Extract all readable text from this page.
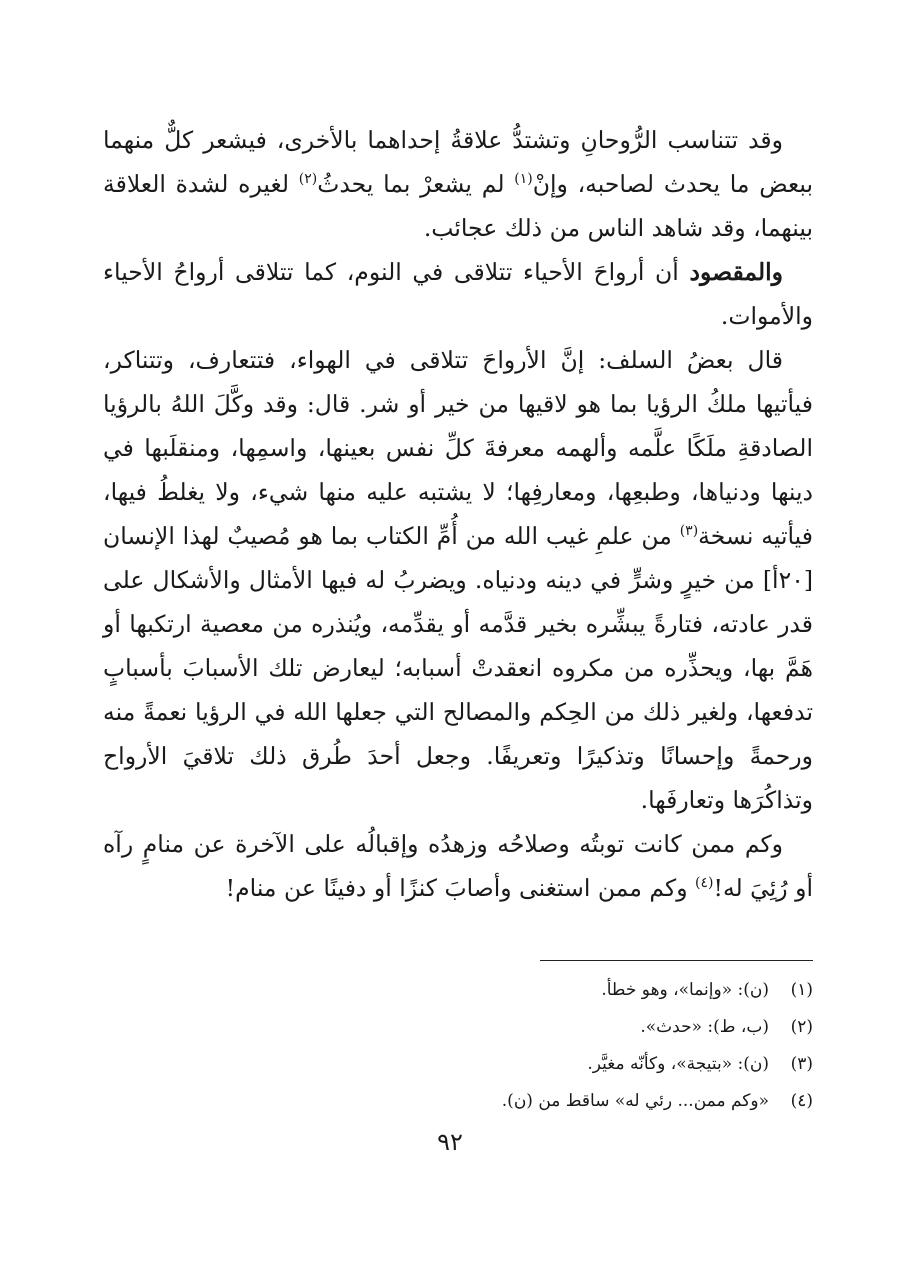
وقد تتناسب الرُّوحانِ وتشتدُّ علاقةُ إحداهما بالأخرى، فيشعر كلٌّ منهما ببعض ما يحدث لصاحبه، وإنْ$^{(١)}$ لم يشعرْ بما يحدثُ$^{(٢)}$ لغيره لشدة العلاقة بينهما، وقد شاهد الناس من ذلك عجائب.

والمقصود أن أرواحَ الأحياء تتلاقى في النوم، كما تتلاقى أرواحُ الأحياء والأموات.

قال بعضُ السلف: إنَّ الأرواحَ تتلاقى في الهواء، فتتعارف، وتتناكر، فيأتيها ملكُ الرؤيا بما هو لاقيها من خير أو شر. قال: وقد وكَّلَ اللهُ بالرؤيا الصادقةِ ملَكًا علَّمه وألهمه معرفةَ كلِّ نفس بعينها، واسمِها، ومنقلَبها في دينها ودنياها، وطبعِها، ومعارفِها؛ لا يشتبه عليه منها شيء، ولا يغلطُ فيها، فيأتيه نسخة$^{(٣)}$ من علمِ غيب الله من أُمِّ الكتاب بما هو مُصيبٌ لهذا الإنسان [٢٠أ] من خيرٍ وشرٍّ في دينه ودنياه. ويضربُ له فيها الأمثال والأشكال على قدر عادته، فتارةً يبشِّره بخير قدَّمه أو يقدِّمه، ويُنذره من معصية ارتكبها أو هَمَّ بها، ويحذِّره من مكروه انعقدتْ أسبابه؛ ليعارض تلك الأسبابَ بأسبابٍ تدفعها، ولغير ذلك من الحِكم والمصالح التي جعلها الله في الرؤيا نعمةً منه ورحمةً وإحسانًا وتذكيرًا وتعريفًا. وجعل أحدَ طُرق ذلك تلاقيَ الأرواح وتذاكُرَها وتعارفَها.

وكم ممن كانت توبتُه وصلاحُه وزهدُه وإقبالُه على الآخرة عن منامٍ رآه أو رُئِيَ له!$^{(٤)}$ وكم ممن استغنى وأصابَ كنزًا أو دفينًا عن منام!

(١)(ن): «وإنما»، وهو خطأ.

(٢)(ب، ط): «حدث».

(٣)(ن): «بتيجة»، وكأنّه مغيَّر.

(٤)«وكم ممن... رئي له» ساقط من (ن).

٩٢
